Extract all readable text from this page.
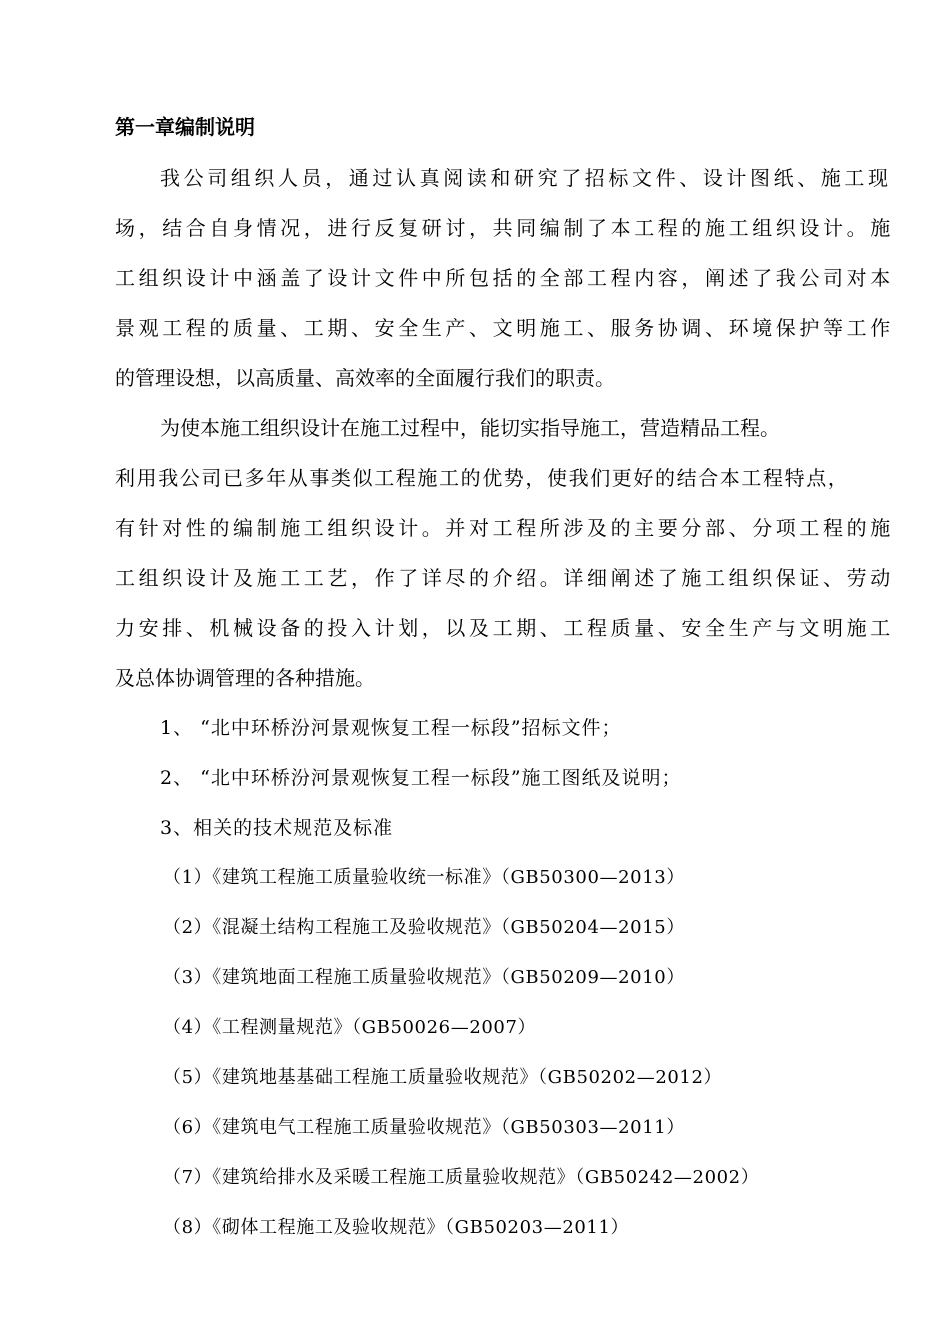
第一章编制说明

我公司组织人员，通过认真阅读和研究了招标文件、设计图纸、施工现

场，结合自身情况，进行反复研讨，共同编制了本工程的施工组织设计。施

工组织设计中涵盖了设计文件中所包括的全部工程内容，阐述了我公司对本

景观工程的质量、工期、安全生产、文明施工、服务协调、环境保护等工作

的管理设想，以高质量、高效率的全面履行我们的职责。

为使本施工组织设计在施工过程中，能切实指导施工，营造精品工程。

利用我公司已多年从事类似工程施工的优势，使我们更好的结合本工程特点，

有针对性的编制施工组织设计。并对工程所涉及的主要分部、分项工程的施

工组织设计及施工工艺，作了详尽的介绍。详细阐述了施工组织保证、劳动

力安排、机械设备的投入计划，以及工期、工程质量、安全生产与文明施工

及总体协调管理的各种措施。

1、 “北中环桥汾河景观恢复工程一标段”招标文件；

2、 “北中环桥汾河景观恢复工程一标段”施工图纸及说明；

3、相关的技术规范及标准

（1）《建筑工程施工质量验收统一标准》（GB50300—2013）

（2）《混凝土结构工程施工及验收规范》（GB50204—2015）

（3）《建筑地面工程施工质量验收规范》（GB50209—2010）

（4）《工程测量规范》（GB50026—2007）

（5）《建筑地基基础工程施工质量验收规范》（GB50202—2012）

（6）《建筑电气工程施工质量验收规范》（GB50303—2011）

（7）《建筑给排水及采暖工程施工质量验收规范》（GB50242—2002）

（8）《砌体工程施工及验收规范》（GB50203—2011）
